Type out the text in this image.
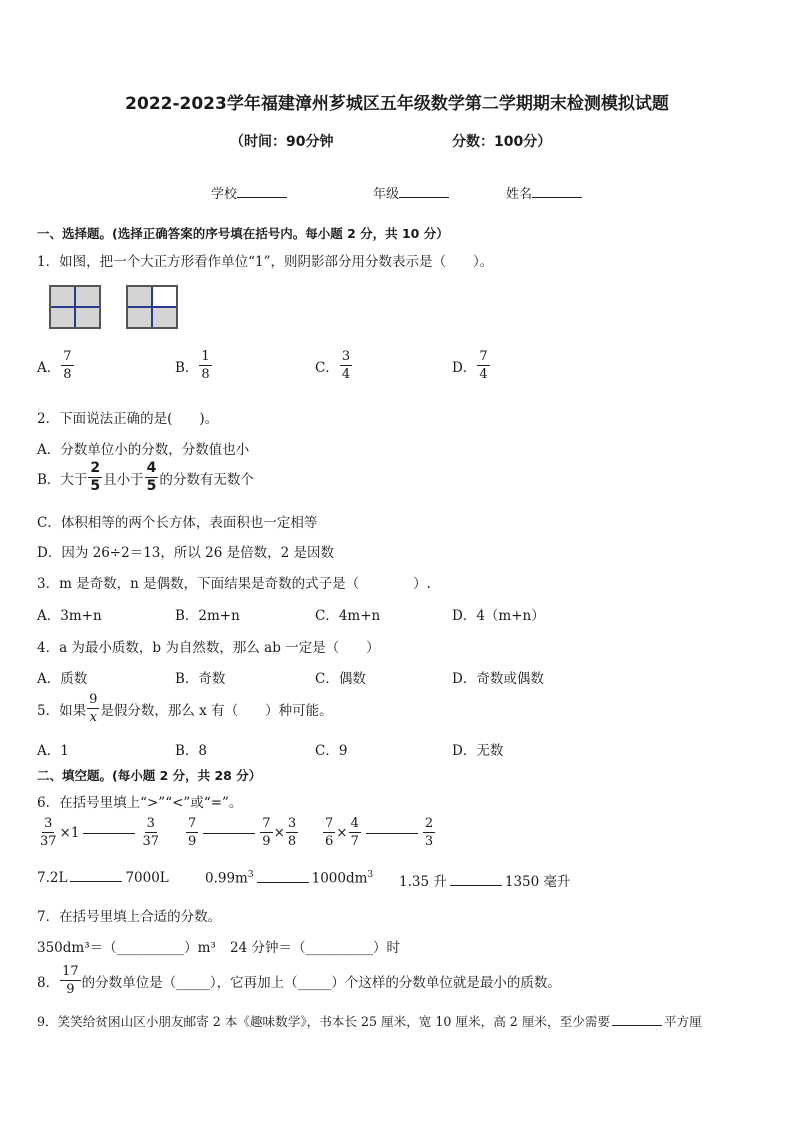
2022-2023学年福建漳州芗城区五年级数学第二学期期末检测模拟试题
（时间：90分钟	分数：100分）
学校	年级	姓名
一、选择题。(选择正确答案的序号填在括号内。每小题 2 分，共 10 分）
1．如图，把一个大正方形看作单位“1”，则阴影部分用分数表示是（　　）。
A． $\frac{7}{8}$	B． $\frac{1}{8}$	C． $\frac{3}{4}$	D． $\frac{7}{4}$
2．下面说法正确的是(　　)。
A．分数单位小的分数，分数值也小
B．大于 $\frac{2}{5}$ 且小于 $\frac{4}{5}$ 的分数有无数个
C．体积相等的两个长方体，表面积也一定相等
D．因为 26÷2＝13，所以 26 是倍数，2 是因数
3．m 是奇数，n 是偶数，下面结果是奇数的式子是（　　　　）.
A．3m+n	B．2m+n	C．4m+n	D．4（m+n）
4．a 为最小质数，b 为自然数，那么 ab 一定是（　　）
A．质数	B．奇数	C．偶数	D．奇数或偶数
5．如果 $\frac{9}{x}$ 是假分数，那么 x 有（　　）种可能。
A．1	B．8	C．9	D．无数
二、填空题。(每小题 2 分，共 28 分）
6．在括号里填上“>”“<”或“=”。
$\frac{3}{37} \times 1$	$\frac{3}{37} \frac{7}{9}$	$\frac{7}{9} \times \frac{3}{8} \frac{7}{6} \times \frac{4}{7}$	$\frac{2}{3}$
7.2L	7000L	$0.99m^3$	$1000dm^3$ 1.35 升	1350 毫升
7．在括号里填上合适的分数。
350dm³＝（__________）m³ 24 分钟＝（__________）时
8． $\frac{17}{9}$ 的分数单位是（_____），它再加上（_____）个这样的分数单位就是最小的质数。
9．笑笑给贫困山区小朋友邮寄 2 本《趣味数学》，书本长 25 厘米，宽 10 厘米，高 2 厘米，至少需要	平方厘
